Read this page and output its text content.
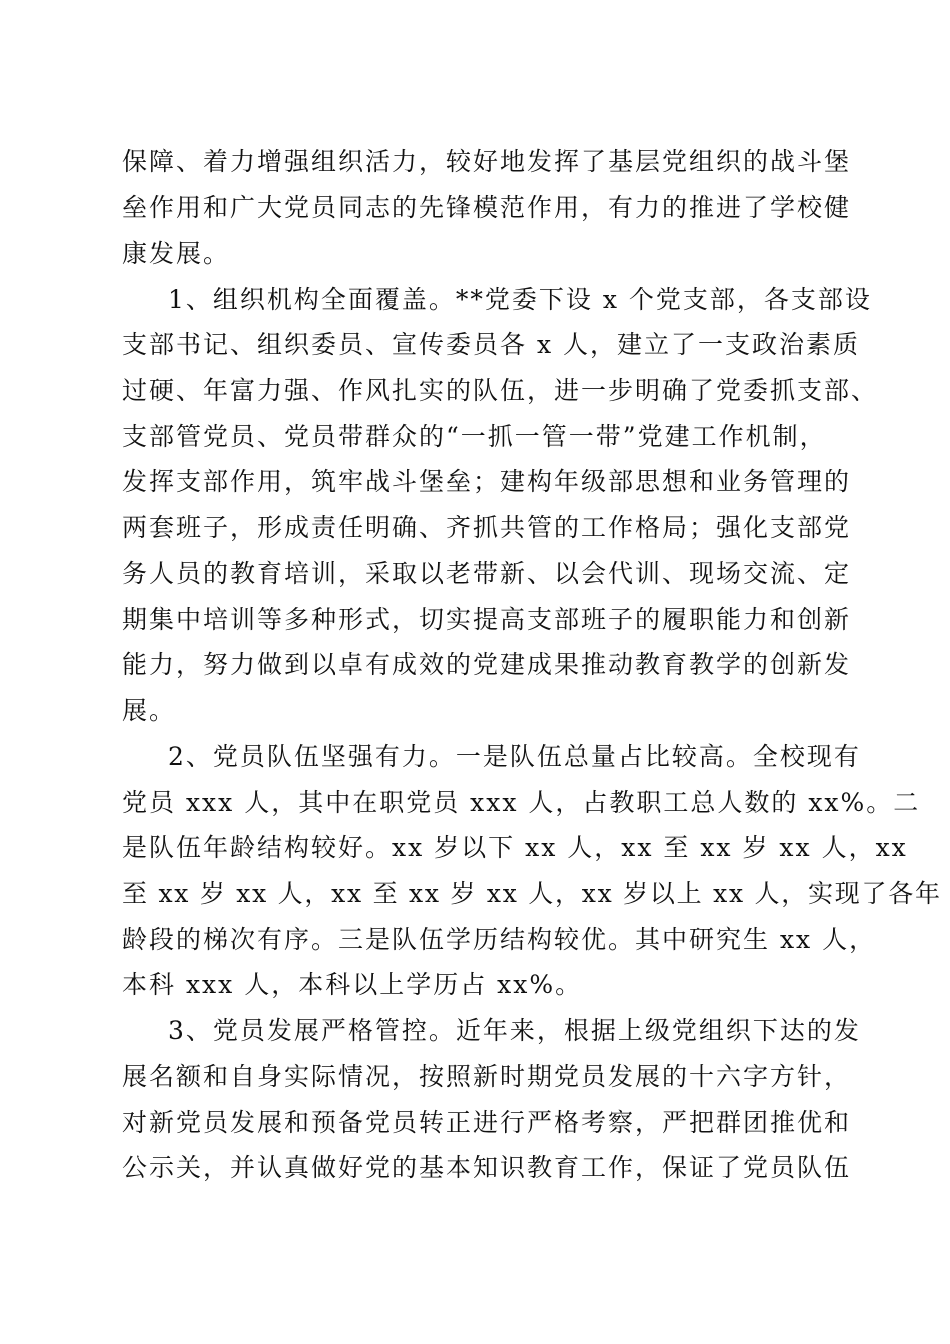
保障、着力增强组织活力，较好地发挥了基层党组织的战斗堡
垒作用和广大党员同志的先锋模范作用，有力的推进了学校健
康发展。
1、组织机构全面覆盖。**党委下设 x 个党支部，各支部设
支部书记、组织委员、宣传委员各 x 人，建立了一支政治素质
过硬、年富力强、作风扎实的队伍，进一步明确了党委抓支部、
支部管党员、党员带群众的“一抓一管一带”党建工作机制，
发挥支部作用，筑牢战斗堡垒；建构年级部思想和业务管理的
两套班子，形成责任明确、齐抓共管的工作格局；强化支部党
务人员的教育培训，采取以老带新、以会代训、现场交流、定
期集中培训等多种形式，切实提高支部班子的履职能力和创新
能力，努力做到以卓有成效的党建成果推动教育教学的创新发
展。
2、党员队伍坚强有力。一是队伍总量占比较高。全校现有
党员 xxx 人，其中在职党员 xxx 人，占教职工总人数的 xx%。二
是队伍年龄结构较好。xx 岁以下 xx 人，xx 至 xx 岁 xx 人，xx
至 xx 岁 xx 人，xx 至 xx 岁 xx 人，xx 岁以上 xx 人，实现了各年
龄段的梯次有序。三是队伍学历结构较优。其中研究生 xx 人，
本科 xxx 人，本科以上学历占 xx%。
3、党员发展严格管控。近年来，根据上级党组织下达的发
展名额和自身实际情况，按照新时期党员发展的十六字方针，
对新党员发展和预备党员转正进行严格考察，严把群团推优和
公示关，并认真做好党的基本知识教育工作，保证了党员队伍
